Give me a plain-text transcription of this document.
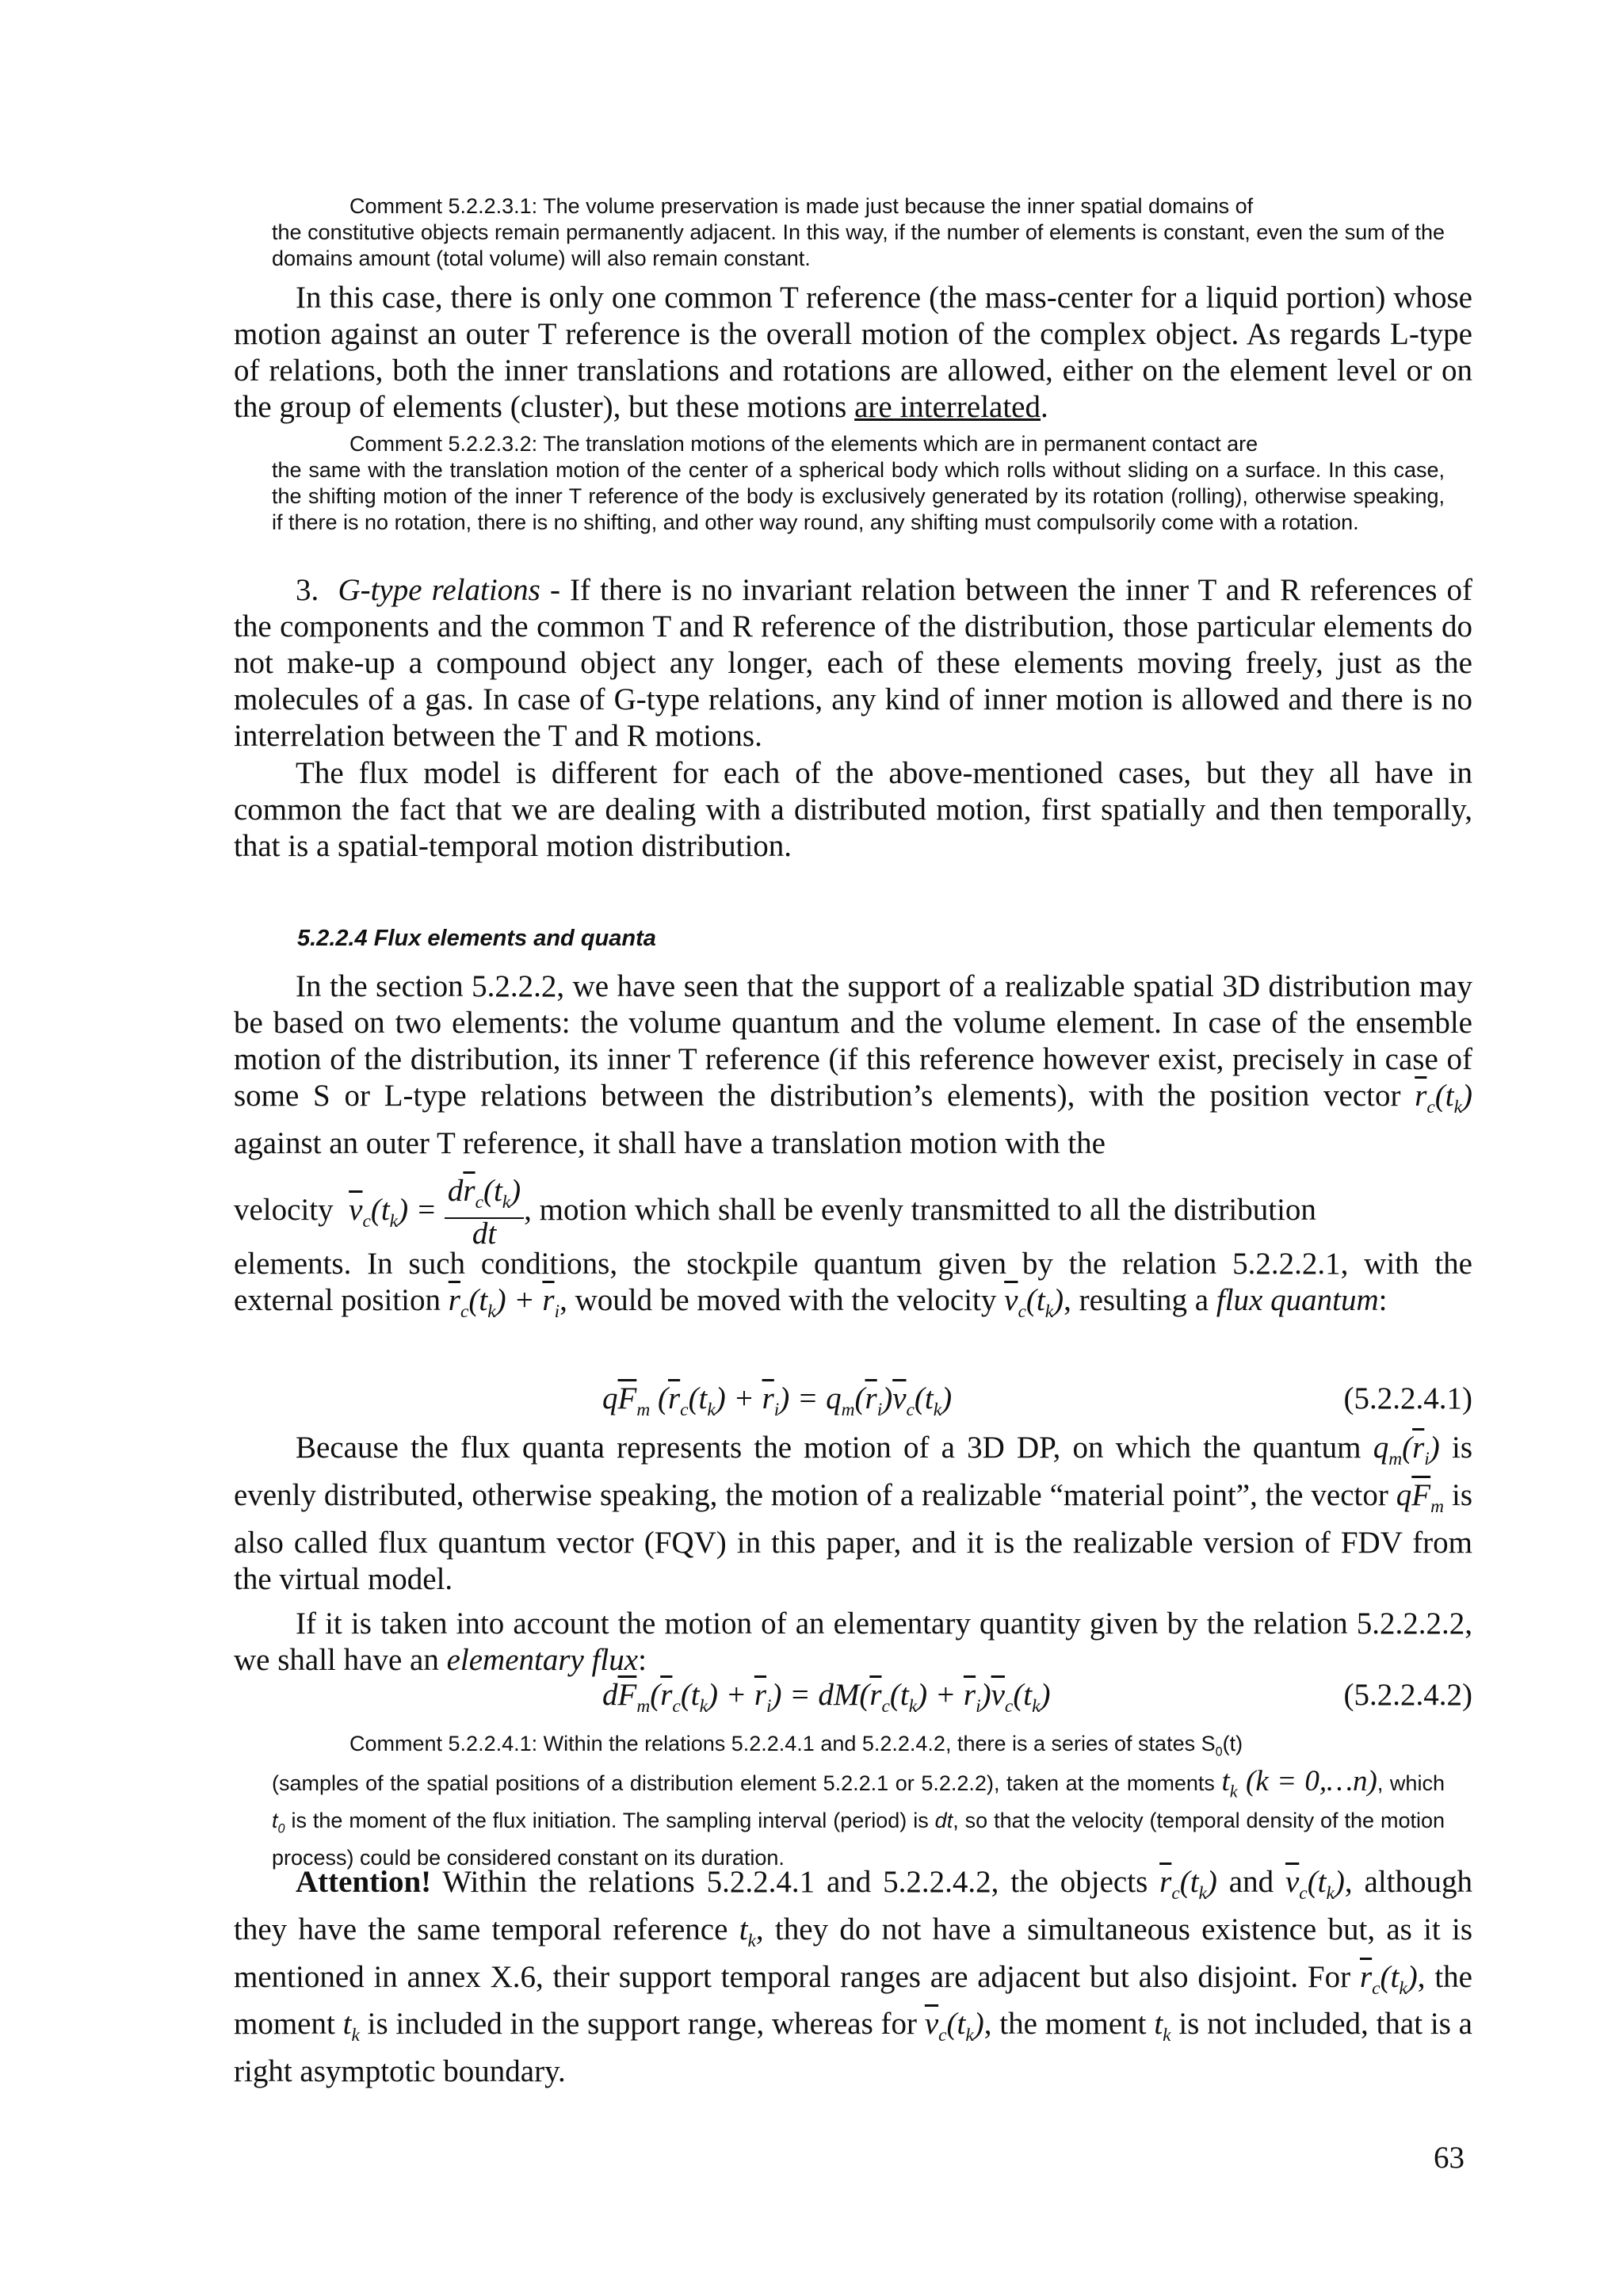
Comment 5.2.2.3.1: The volume preservation is made just because the inner spatial domains of
the constitutive objects remain permanently adjacent. In this way, if the number of elements is constant, even the sum of the domains amount (total volume) will also remain constant.

In this case, there is only one common T reference (the mass-center for a liquid portion) whose motion against an outer T reference is the overall motion of the complex object. As regards L-type of relations, both the inner translations and rotations are allowed, either on the element level or on the group of elements (cluster), but these motions are interrelated.

Comment 5.2.2.3.2: The translation motions of the elements which are in permanent contact are
the same with the translation motion of the center of a spherical body which rolls without sliding on a surface. In this case, the shifting motion of the inner T reference of the body is exclusively generated by its rotation (rolling), otherwise speaking, if there is no rotation, there is no shifting, and other way round, any shifting must compulsorily come with a rotation.

3. G-type relations - If there is no invariant relation between the inner T and R references of the components and the common T and R reference of the distribution, those particular elements do not make-up a compound object any longer, each of these elements moving freely, just as the molecules of a gas. In case of G-type relations, any kind of inner motion is allowed and there is no interrelation between the T and R motions.

The flux model is different for each of the above-mentioned cases, but they all have in common the fact that we are dealing with a distributed motion, first spatially and then temporally, that is a spatial-temporal motion distribution.

5.2.2.4 Flux elements and quanta

In the section 5.2.2.2, we have seen that the support of a realizable spatial 3D distribution may be based on two elements: the volume quantum and the volume element. In case of the ensemble motion of the distribution, its inner T reference (if this reference however exist, precisely in case of some S or L-type relations between the distribution’s elements), with the position vector $\overline{r}_c(t_k)$ against an outer T reference, it shall have a translation motion with the

velocity $\overline{v}_c(t_k) = \frac{d\overline{r}_c(t_k)}{dt}$ , motion which shall be evenly transmitted to all the distribution

elements. In such conditions, the stockpile quantum given by the relation 5.2.2.2.1, with the external position $\overline{r}_c(t_k) + \overline{r}_i$, would be moved with the velocity $\overline{v}_c(t_k)$, resulting a flux quantum:

$q\overline{F}_m$ $(\overline{r}_c(t_k) + \overline{r}_i) = q_m(\overline{r}_i)\overline{v}_c(t_k)$	(5.2.2.4.1)

Because the flux quanta represents the motion of a 3D DP, on which the quantum $q_m(\overline{r}_i)$ is evenly distributed, otherwise speaking, the motion of a realizable “material point”, the vector $q\overline{F}_m$ is also called flux quantum vector (FQV) in this paper, and it is the realizable version of FDV from the virtual model.

If it is taken into account the motion of an elementary quantity given by the relation 5.2.2.2.2, we shall have an elementary flux:

$d\overline{F}_m(\overline{r}_c(t_k) + \overline{r}_i) = dM(\overline{r}_c(t_k) + \overline{r}_i)\overline{v}_c(t_k)$	(5.2.2.4.2)

Comment 5.2.2.4.1: Within the relations 5.2.2.4.1 and 5.2.2.4.2, there is a series of states $S_0(t)$
(samples of the spatial positions of a distribution element 5.2.2.1 or 5.2.2.2), taken at the moments $t_k$ (k = 0,…n), which $t_0$ is the moment of the flux initiation. The sampling interval (period) is dt, so that the velocity (temporal density of the motion process) could be considered constant on its duration.

Attention! Within the relations 5.2.2.4.1 and 5.2.2.4.2, the objects $\overline{r}_c(t_k)$ and $\overline{v}_c(t_k)$, although they have the same temporal reference $t_k$, they do not have a simultaneous existence but, as it is mentioned in annex X.6, their support temporal ranges are adjacent but also disjoint. For $\overline{r}_c(t_k)$, the moment $t_k$ is included in the support range, whereas for $\overline{v}_c(t_k)$, the moment $t_k$ is not included, that is a right asymptotic boundary.

63
